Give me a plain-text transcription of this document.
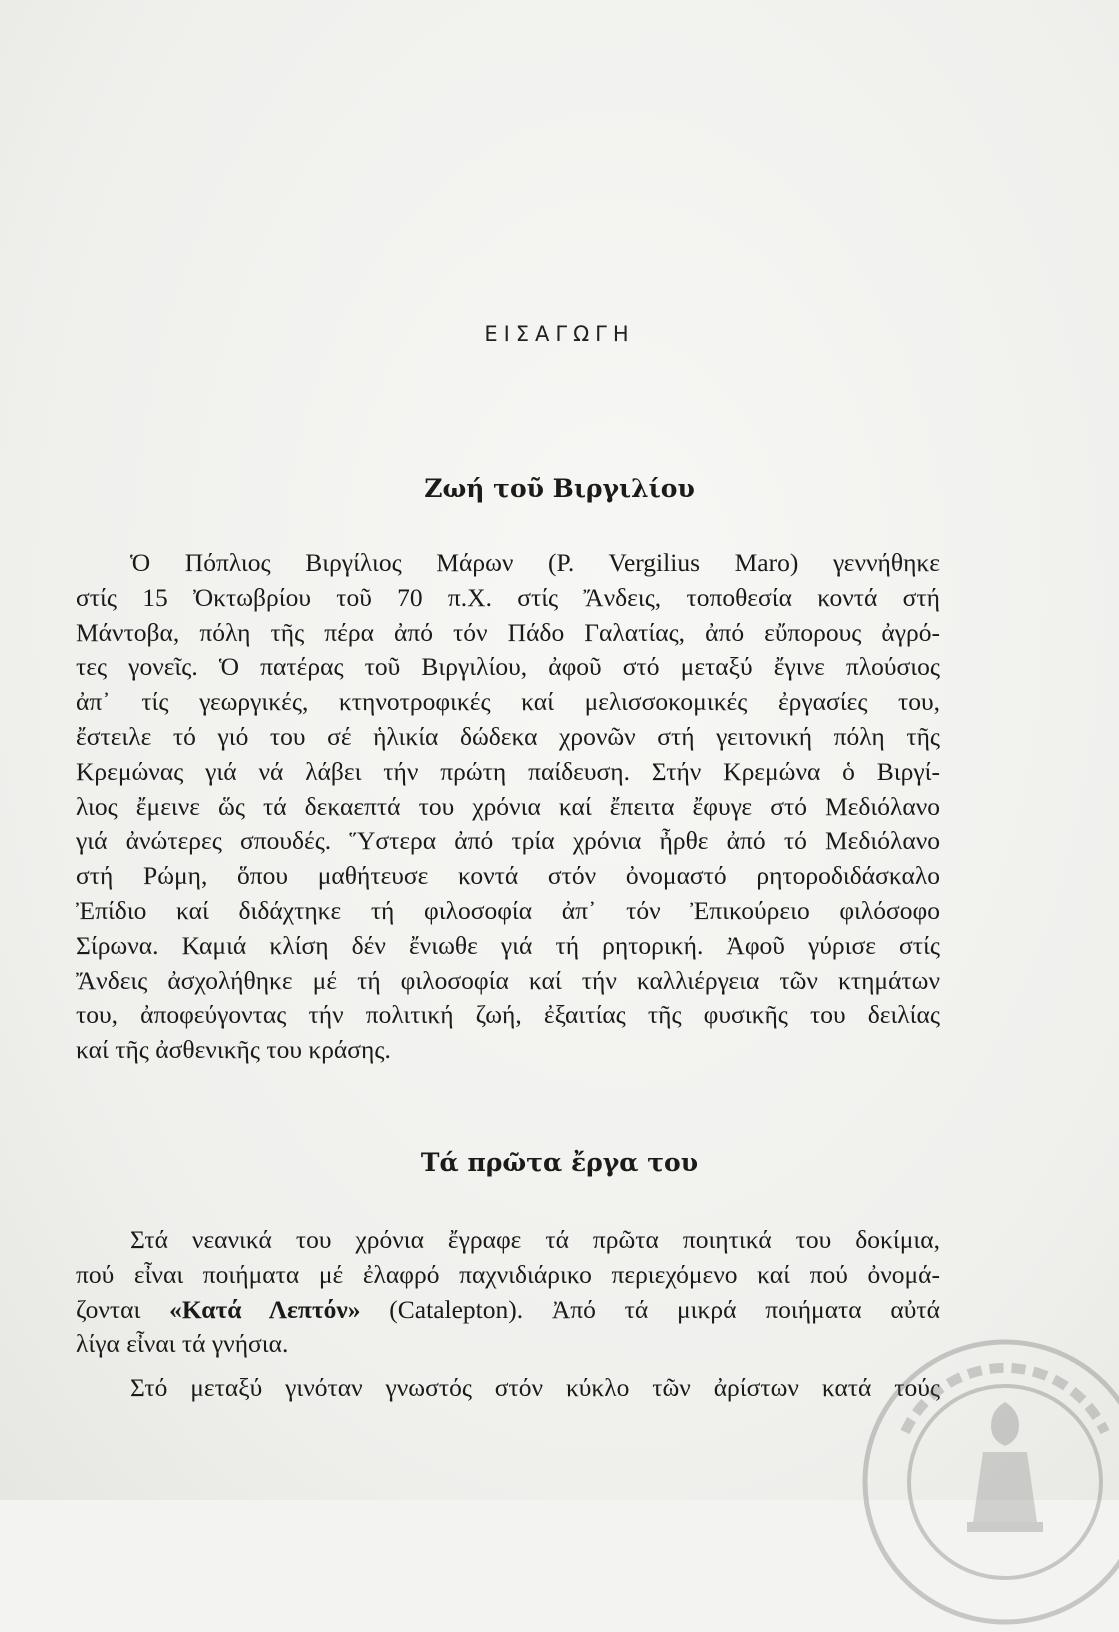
ΕΙΣΑΓΩΓΗ
Ζωή τοῦ Βιργιλίου
Ὁ Πόπλιος Βιργίλιος Μάρων (P. Vergilius Maro) γεννήθηκε
στίς 15 Ὀκτωβρίου τοῦ 70 π.Χ. στίς Ἄνδεις, τοποθεσία κοντά στή
Μάντοβα, πόλη τῆς πέρα ἀπό τόν Πάδο Γαλατίας, ἀπό εὔπορους ἀγρό-
τες γονεῖς. Ὁ πατέρας τοῦ Βιργιλίου, ἀφοῦ στό μεταξύ ἔγινε πλούσιος
ἀπ᾿ τίς γεωργικές, κτηνοτροφικές καί μελισσοκομικές ἐργασίες του,
ἔστειλε τό γιό του σέ ἡλικία δώδεκα χρονῶν στή γειτονική πόλη τῆς
Κρεμώνας γιά νά λάβει τήν πρώτη παίδευση. Στήν Κρεμώνα ὁ Βιργί-
λιος ἔμεινε ὥς τά δεκαεπτά του χρόνια καί ἔπειτα ἔφυγε στό Μεδιόλανο
γιά ἀνώτερες σπουδές. Ὕστερα ἀπό τρία χρόνια ἦρθε ἀπό τό Μεδιόλανο
στή Ρώμη, ὅπου μαθήτευσε κοντά στόν ὀνομαστό ρητοροδιδάσκαλο
Ἐπίδιο καί διδάχτηκε τή φιλοσοφία ἀπ᾿ τόν Ἐπικούρειο φιλόσοφο
Σίρωνα. Καμιά κλίση δέν ἔνιωθε γιά τή ρητορική. Ἀφοῦ γύρισε στίς
Ἄνδεις ἀσχολήθηκε μέ τή φιλοσοφία καί τήν καλλιέργεια τῶν κτημάτων
του, ἀποφεύγοντας τήν πολιτική ζωή, ἐξαιτίας τῆς φυσικῆς του δειλίας
καί τῆς ἀσθενικῆς του κράσης.
Τά πρῶτα ἔργα του
Στά νεανικά του χρόνια ἔγραφε τά πρῶτα ποιητικά του δοκίμια,
πού εἶναι ποιήματα μέ ἐλαφρό παχνιδιάρικο περιεχόμενο καί πού ὀνομά-
ζονται «Κατά Λεπτόν» (Catalepton). Ἀπό τά μικρά ποιήματα αὐτά
λίγα εἶναι τά γνήσια.
Στό μεταξύ γινόταν γνωστός στόν κύκλο τῶν ἀρίστων κατά τούς
